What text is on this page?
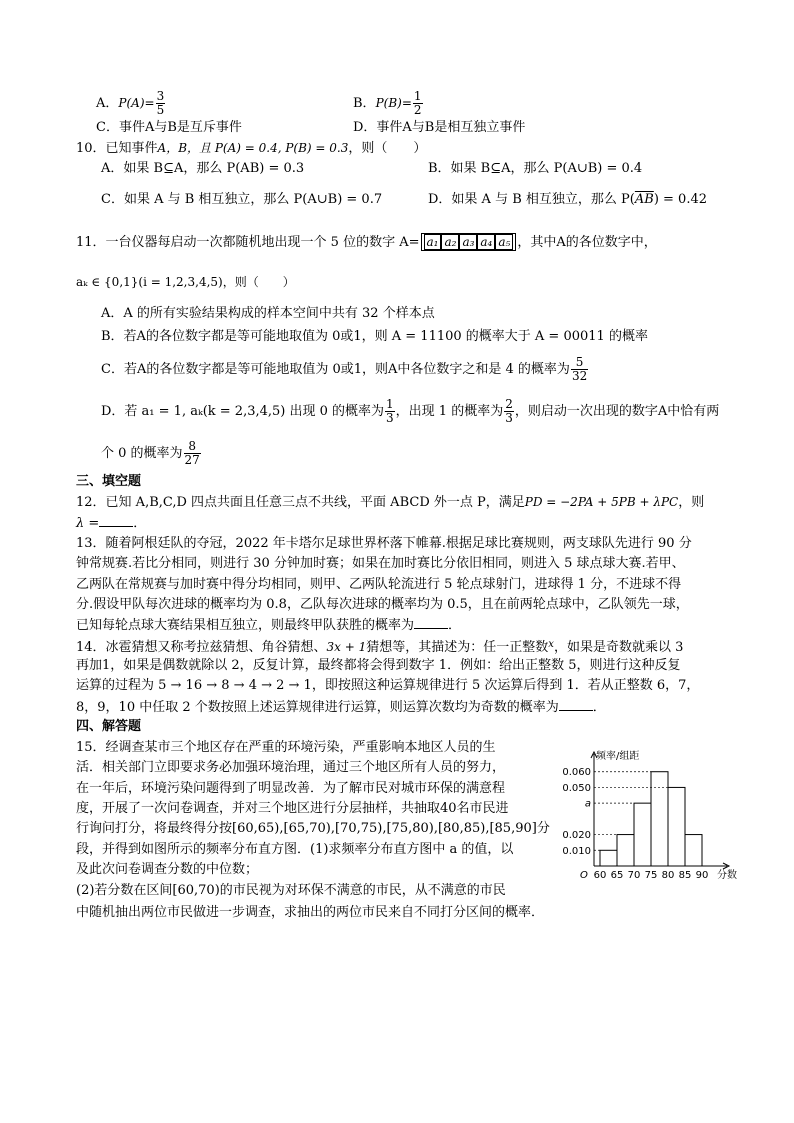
A．$P(A)= \frac{3}{5}$	B．$P(B)= \frac{1}{2}$
C．事件A与B是互斥事件	D．事件A与B是相互独立事件
10．已知事件A，B，且 P(A) = 0.4, P(B) = 0.3，则（　　）
A．如果 B⊆A，那么 P(AB) = 0.3	B．如果 B⊆A，那么 P(A∪B) = 0.4
C．如果 A 与 B 相互独立，那么 P(A∪B) = 0.7	D．如果 A 与 B 相互独立，那么 $P(\overline{AB}) = 0.42$
11．一台仪器每启动一次都随机地出现一个 5 位的数字 A= a₁ a₂ a₃ a₄ a₅ ，其中A的各位数字中，
aₖ ∈ {0,1}(i = 1,2,3,4,5)，则（　　）
A．A 的所有实验结果构成的样本空间中共有 32 个样本点
B．若A的各位数字都是等可能地取值为 0或1，则 A = 11100 的概率大于 A = 00011 的概率
C．若A的各位数字都是等可能地取值为 0或1，则A中各位数字之和是 4 的概率为 $\frac{5}{32}$
D．若 a₁ = 1, aₖ(k = 2,3,4,5) 出现 0 的概率为 $\frac{1}{3}$ ，出现 1 的概率为 $\frac{2}{3}$ ，则启动一次出现的数字A中恰有两
个 0 的概率为 $\frac{8}{27}$
三、填空题
12．已知 A,B,C,D 四点共面且任意三点不共线，平面 ABCD 外一点 P，满足PD = −2PA + 5PB + λPC，则
λ =	．
13．随着阿根廷队的夺冠，2022 年卡塔尔足球世界杯落下帷幕.根据足球比赛规则，两支球队先进行 90 分
钟常规赛.若比分相同，则进行 30 分钟加时赛；如果在加时赛比分依旧相同，则进入 5 球点球大赛.若甲、
乙两队在常规赛与加时赛中得分均相同，则甲、乙两队轮流进行 5 轮点球射门，进球得 1 分，不进球不得
分.假设甲队每次进球的概率均为 0.8，乙队每次进球的概率均为 0.5，且在前两轮点球中，乙队领先一球，
已知每轮点球大赛结果相互独立，则最终甲队获胜的概率为	．
14．冰雹猜想又称考拉兹猜想、角谷猜想、3x + 1猜想等，其描述为：任一正整数$^x$，如果是奇数就乘以 3
再加1，如果是偶数就除以 2，反复计算，最终都将会得到数字 1．例如：给出正整数 5，则进行这种反复
运算的过程为 5 → 16 → 8 → 4 → 2 → 1，即按照这种运算规律进行 5 次运算后得到 1．若从正整数 6，7，
8，9，10 中任取 2 个数按照上述运算规律进行运算，则运算次数均为奇数的概率为	．
四、解答题
15．经调查某市三个地区存在严重的环境污染，严重影响本地区人员的生
活．相关部门立即要求务必加强环境治理，通过三个地区所有人员的努力，
在一年后，环境污染问题得到了明显改善．为了解市民对城市环保的满意程
度，开展了一次问卷调查，并对三个地区进行分层抽样，共抽取40名市民进
行询问打分，将最终得分按[60,65),[65,70),[70,75),[75,80),[80,85),[85,90]分
段，并得到如图所示的频率分布直方图．(1)求频率分布直方图中 a 的值，以
及此次问卷调查分数的中位数；
(2)若分数在区间[60,70)的市民视为对环保不满意的市民，从不满意的市民
中随机抽出两位市民做进一步调查，求抽出的两位市民来自不同打分区间的概率．
频率/组距
0.060
0.050
a
0.020
0.010
60 65 70 75 80 85 90 分数
O
